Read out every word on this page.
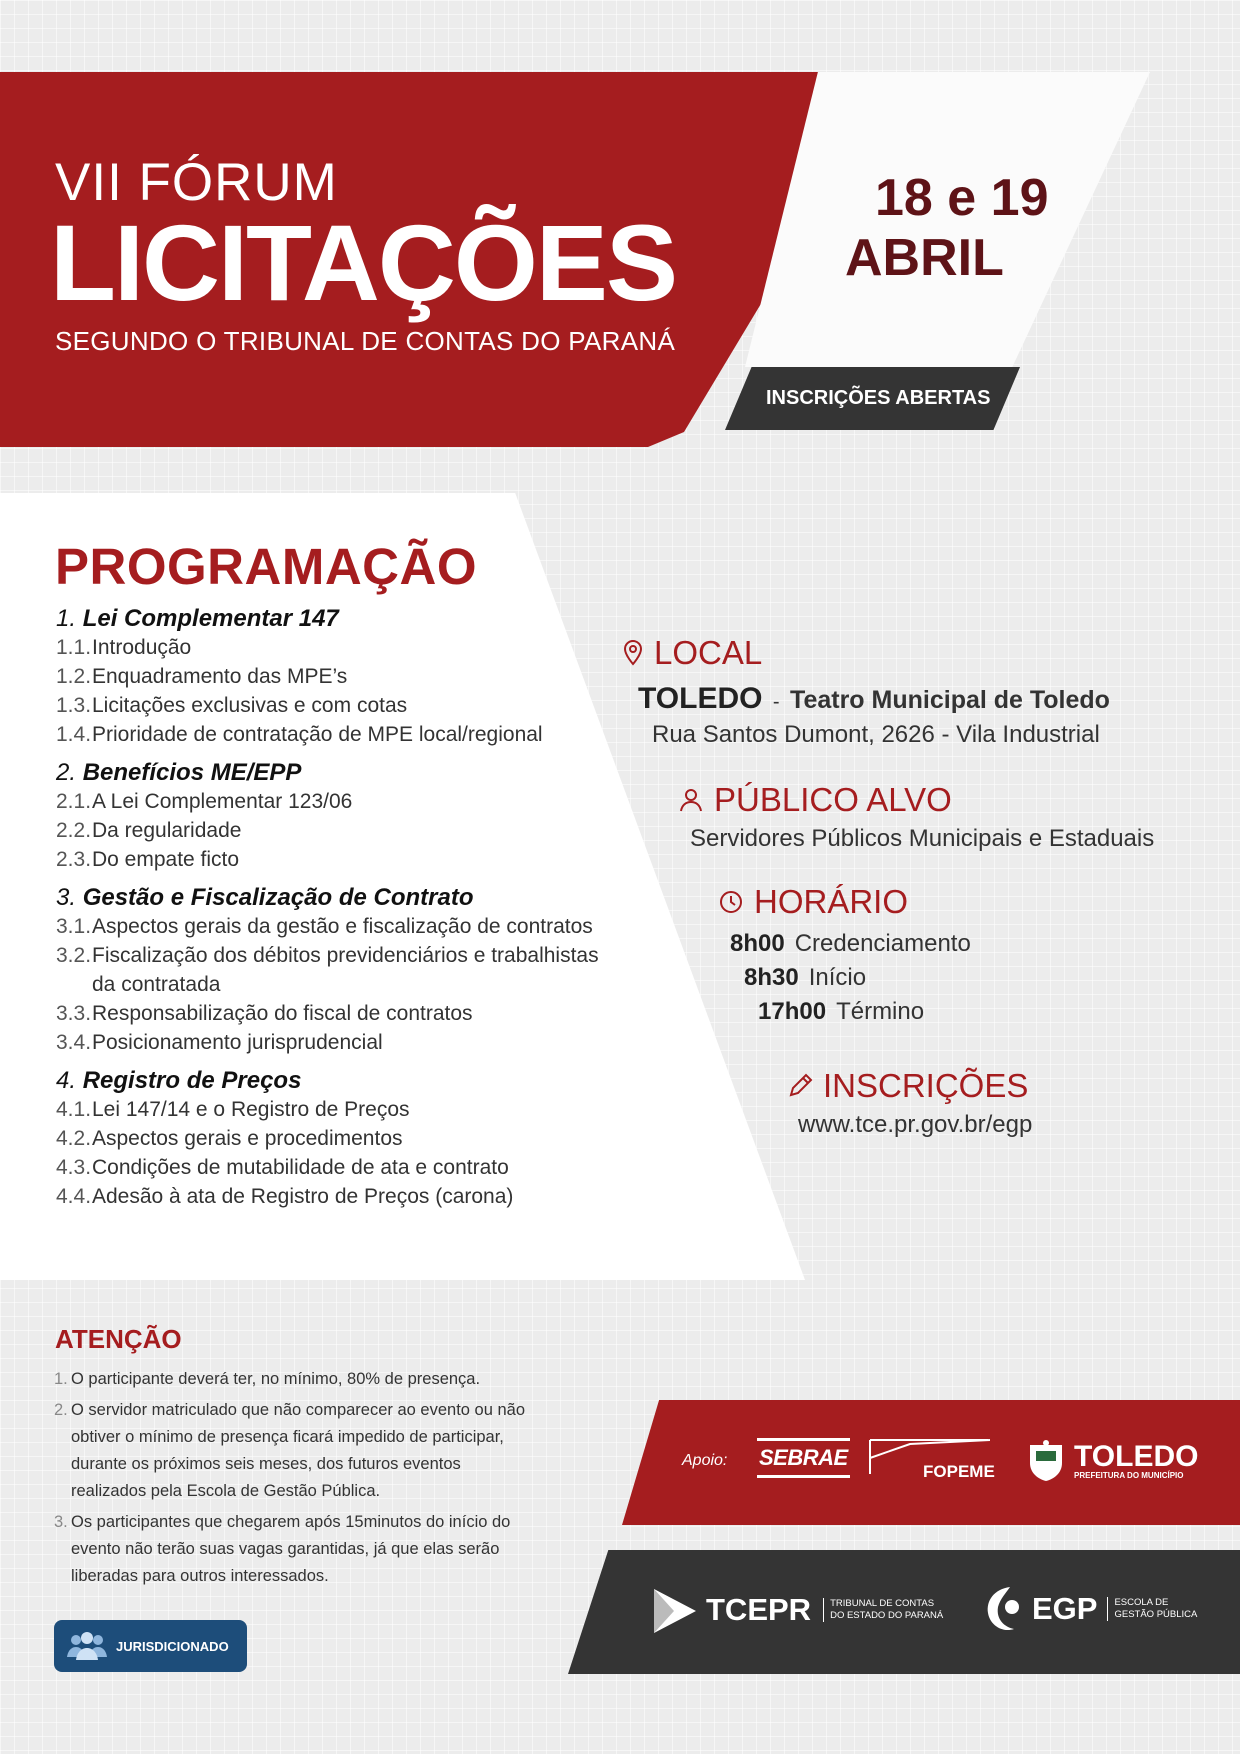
VII FÓRUM
LICITAÇÕES
SEGUNDO O TRIBUNAL DE CONTAS DO PARANÁ
18 e 19
ABRIL
INSCRIÇÕES ABERTAS
PROGRAMAÇÃO
1. Lei Complementar 147
1.1. Introdução
1.2. Enquadramento das MPE’s
1.3. Licitações exclusivas e com cotas
1.4. Prioridade de contratação de MPE local/regional
2. Benefícios ME/EPP
2.1. A Lei Complementar 123/06
2.2. Da regularidade
2.3. Do empate ficto
3. Gestão e Fiscalização de Contrato
3.1. Aspectos gerais da gestão e fiscalização de contratos
3.2. Fiscalização dos débitos previdenciários e trabalhistas da contratada
3.3. Responsabilização do fiscal de contratos
3.4. Posicionamento jurisprudencial
4. Registro de Preços
4.1. Lei 147/14 e o Registro de Preços
4.2. Aspectos gerais e procedimentos
4.3. Condições de mutabilidade de ata e contrato
4.4. Adesão à ata de Registro de Preços (carona)
LOCAL
TOLEDO - Teatro Municipal de Toledo
Rua Santos Dumont, 2626 - Vila Industrial
PÚBLICO ALVO
Servidores Públicos Municipais e Estaduais
HORÁRIO
8h00 Credenciamento
8h30 Início
17h00 Término
INSCRIÇÕES
www.tce.pr.gov.br/egp
ATENÇÃO
1. O participante deverá ter, no mínimo, 80% de presença.
2. O servidor matriculado que não comparecer ao evento ou não obtiver o mínimo de presença ficará impedido de participar, durante os próximos seis meses, dos futuros eventos realizados pela Escola de Gestão Pública.
3. Os participantes que chegarem após 15minutos do início do evento não terão suas vagas garantidas, já que elas serão liberadas para outros interessados.
JURISDICIONADO
Apoio: SEBRAE
FOPEME	TOLEDO
PREFEITURA DO MUNICÍPIO
TCEPR TRIBUNAL DE CONTAS
DO ESTADO DO PARANÁ	EGP ESCOLA DE
GESTÃO PÚBLICA
